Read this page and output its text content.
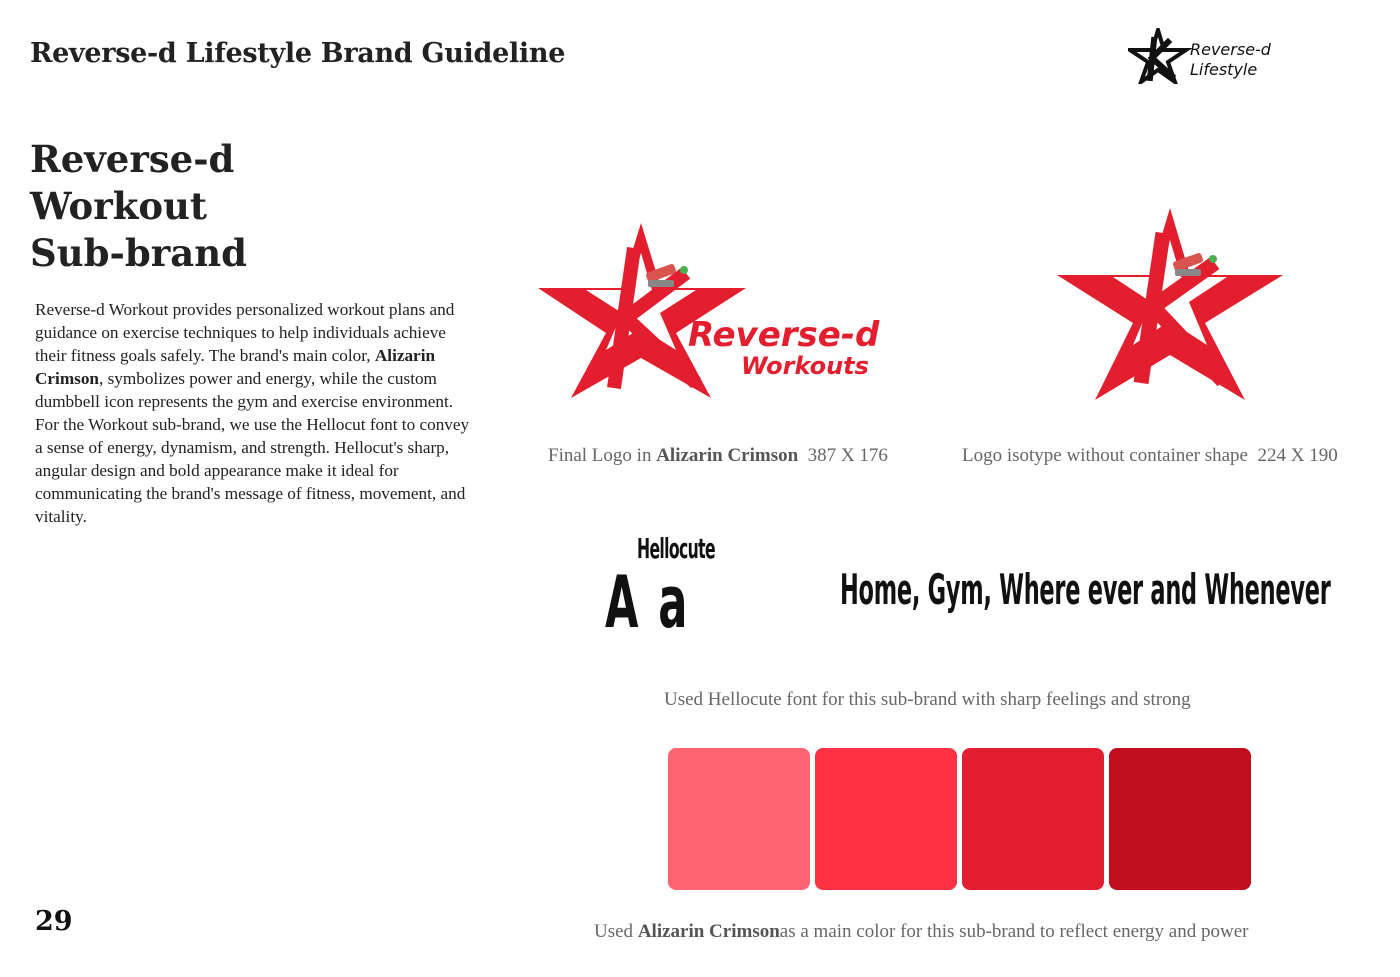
Reverse-d Lifestyle Brand Guideline	Reverse-d
Lifestyle
Reverse-d
Workout
Sub-brand
Reverse-d Workout provides personalized workout plans and guidance on exercise techniques to help individuals achieve their fitness goals safely. The brand's main color, Alizarin Crimson, symbolizes power and energy, while the custom dumbbell icon represents the gym and exercise environment. For the Workout sub-brand, we use the Hellocut font to convey a sense of energy, dynamism, and strength. Hellocut's sharp, angular design and bold appearance make it ideal for communicating the brand's message of fitness, movement, and vitality.
Reverse-d
Workouts
Final Logo in Alizarin Crimson  387 X 176	Logo isotype without container shape  224 X 190
Hellocute
A a	Home, Gym, Where ever and Whenever
Used Hellocute font for this sub-brand with sharp feelings and strong
Used Alizarin Crimsonas a main color for this sub-brand to reflect energy and power
29
